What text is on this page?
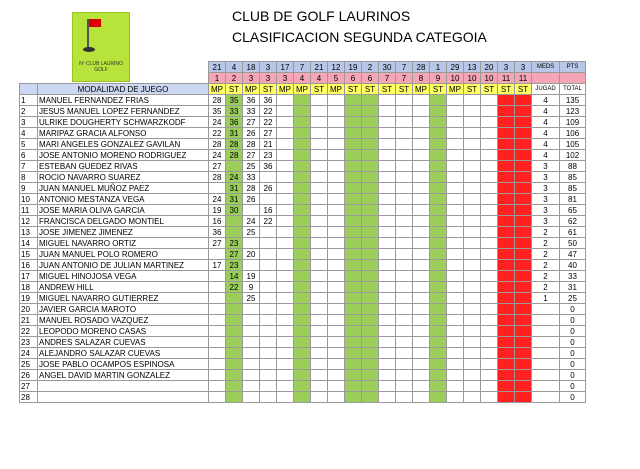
Nº CLUB LAURINO GOLF
CLUB DE GOLF LAURINOS
CLASIFICACION SEGUNDA CATEGOIA
		21	4	18	3	17	7	21	12	19	2	30	7	28	1	29	13	20	3	3	MEDS	PTS
		1	2	3	3	3	4	4	5	6	6	7	7	8	9	10	10	10	11	11		
	MODALIDAD DE JUEGO	MP	ST	MP	ST	MP	MP	ST	MP	ST	ST	ST	ST	MP	ST	MP	ST	ST	ST	ST	JUGAD	TOTAL
1	MANUEL FERNANDEZ FRIAS	28	35	36	36																4	135
2	JESUS MANUEL LOPEZ FERNANDEZ	35	33	33	22																4	123
3	ULRIKE DOUGHERTY SCHWARZKODF	24	36	27	22																4	109
4	MARIPAZ GRACIA ALFONSO	22	31	26	27																4	106
5	MARI ANGELES GONZALEZ GAVILAN	28	28	28	21																4	105
6	JOSE ANTONIO MORENO RODRIGUEZ	24	28	27	23																4	102
7	ESTEBAN GUEDEZ RIVAS	27		25	36																3	88
8	ROCIO NAVARRO SUAREZ	28	24	33																	3	85
9	JUAN MANUEL MUÑOZ PAEZ		31	28	26																3	85
10	ANTONIO MESTANZA VEGA	24	31	26																	3	81
11	JOSE MARIA OLIVA GARCIA	19	30		16																3	65
12	FRANCISCA DELGADO MONTIEL	16		24	22																3	62
13	JOSE JIMENEZ JIMENEZ	36		25																	2	61
14	MIGUEL NAVARRO ORTIZ	27	23																		2	50
15	JUAN MANUEL POLO ROMERO		27	20																	2	47
16	JUAN ANTONIO DE JULIAN MARTINEZ	17	23																		2	40
17	MIGUEL HINOJOSA VEGA		14	19																	2	33
18	ANDREW HILL		22	9																	2	31
19	MIGUEL NAVARRO GUTIERREZ			25																	1	25
20	JAVIER GARCIA MAROTO																					0
21	MANUEL ROSADO VAZQUEZ																					0
22	LEOPODO MORENO CASAS																					0
23	ANDRES SALAZAR CUEVAS																					0
24	ALEJANDRO SALAZAR CUEVAS																					0
25	JOSE PABLO OCAMPOS ESPINOSA																					0
26	ANGEL DAVID MARTIN GONZALEZ																					0
27																						0
28																						0
